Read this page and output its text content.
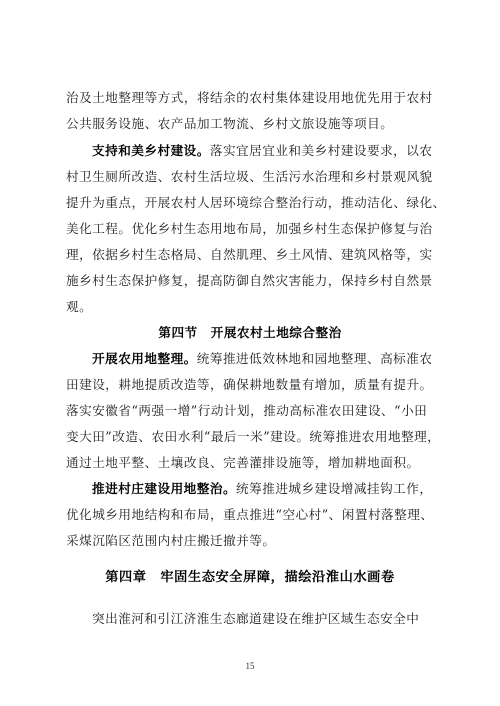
治及土地整理等方式，将结余的农村集体建设用地优先用于农村
公共服务设施、农产品加工物流、乡村文旅设施等项目。
支持和美乡村建设。落实宜居宜业和美乡村建设要求，以农
村卫生厕所改造、农村生活垃圾、生活污水治理和乡村景观风貌
提升为重点，开展农村人居环境综合整治行动，推动洁化、绿化、
美化工程。优化乡村生态用地布局，加强乡村生态保护修复与治
理，依据乡村生态格局、自然肌理、乡土风情、建筑风格等，实
施乡村生态保护修复，提高防御自然灾害能力，保持乡村自然景
观。
第四节　开展农村土地综合整治
开展农用地整理。统筹推进低效林地和园地整理、高标准农
田建设，耕地提质改造等，确保耕地数量有增加，质量有提升。
落实安徽省“两强一增”行动计划，推动高标准农田建设、“小田
变大田”改造、农田水利“最后一米”建设。统筹推进农用地整理，
通过土地平整、土壤改良、完善灌排设施等，增加耕地面积。
推进村庄建设用地整治。统筹推进城乡建设增减挂钩工作，
优化城乡用地结构和布局，重点推进“空心村”、闲置村落整理、
采煤沉陷区范围内村庄搬迁撤并等。
第四章　牢固生态安全屏障，描绘沿淮山水画卷
突出淮河和引江济淮生态廊道建设在维护区域生态安全中
15
